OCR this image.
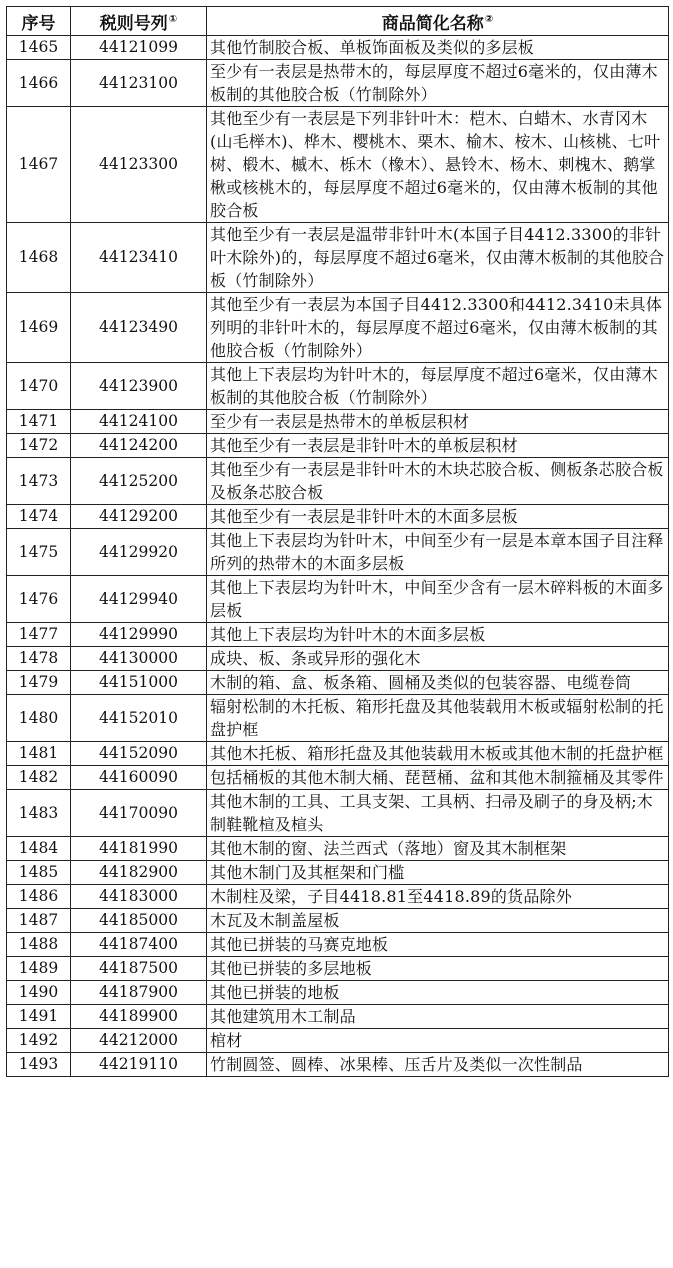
序号	税则号列①	商品简化名称②
1465	44121099	其他竹制胶合板、单板饰面板及类似的多层板
1466	44123100	至少有一表层是热带木的，每层厚度不超过6毫米的，仅由薄木板制的其他胶合板（竹制除外）
1467	44123300	其他至少有一表层是下列非针叶木：桤木、白蜡木、水青冈木(山毛榉木)、桦木、樱桃木、栗木、榆木、桉木、山核桃、七叶树、椴木、槭木、栎木（橡木）、悬铃木、杨木、刺槐木、鹅掌楸或核桃木的，每层厚度不超过6毫米的，仅由薄木板制的其他胶合板
1468	44123410	其他至少有一表层是温带非针叶木(本国子目4412.3300的非针叶木除外)的，每层厚度不超过6毫米，仅由薄木板制的其他胶合板（竹制除外）
1469	44123490	其他至少有一表层为本国子目4412.3300和4412.3410未具体列明的非针叶木的，每层厚度不超过6毫米，仅由薄木板制的其他胶合板（竹制除外）
1470	44123900	其他上下表层均为针叶木的，每层厚度不超过6毫米，仅由薄木板制的其他胶合板（竹制除外）
1471	44124100	至少有一表层是热带木的单板层积材
1472	44124200	其他至少有一表层是非针叶木的单板层积材
1473	44125200	其他至少有一表层是非针叶木的木块芯胶合板、侧板条芯胶合板及板条芯胶合板
1474	44129200	其他至少有一表层是非针叶木的木面多层板
1475	44129920	其他上下表层均为针叶木，中间至少有一层是本章本国子目注释所列的热带木的木面多层板
1476	44129940	其他上下表层均为针叶木，中间至少含有一层木碎料板的木面多层板
1477	44129990	其他上下表层均为针叶木的木面多层板
1478	44130000	成块、板、条或异形的强化木
1479	44151000	木制的箱、盒、板条箱、圆桶及类似的包装容器、电缆卷筒
1480	44152010	辐射松制的木托板、箱形托盘及其他装载用木板或辐射松制的托盘护框
1481	44152090	其他木托板、箱形托盘及其他装载用木板或其他木制的托盘护框
1482	44160090	包括桶板的其他木制大桶、琵琶桶、盆和其他木制箍桶及其零件
1483	44170090	其他木制的工具、工具支架、工具柄、扫帚及刷子的身及柄;木制鞋靴楦及楦头
1484	44181990	其他木制的窗、法兰西式（落地）窗及其木制框架
1485	44182900	其他木制门及其框架和门槛
1486	44183000	木制柱及梁，子目4418.81至4418.89的货品除外
1487	44185000	木瓦及木制盖屋板
1488	44187400	其他已拼装的马赛克地板
1489	44187500	其他已拼装的多层地板
1490	44187900	其他已拼装的地板
1491	44189900	其他建筑用木工制品
1492	44212000	棺材
1493	44219110	竹制圆签、圆棒、冰果棒、压舌片及类似一次性制品
